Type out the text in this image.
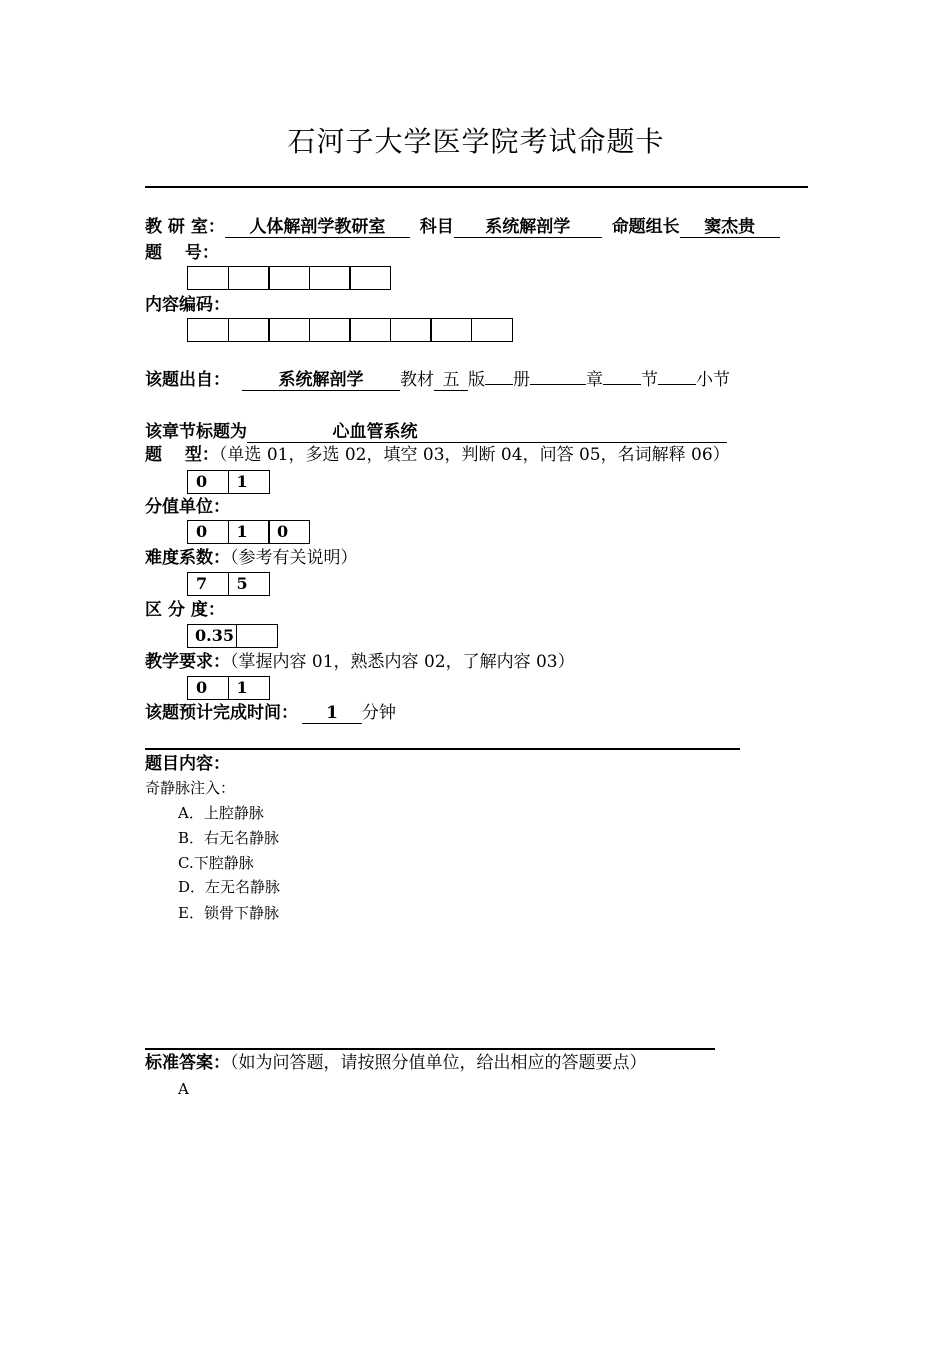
石河子大学医学院考试命题卡
教 研 室： 人体解剖学教研室 科目 系统解剖学 命题组长 窦杰贵
题　 号：
内容编码：
该题出自：	系统解剖学 教材 五 版 册	章 节 小节
该章节标题为	心血管系统
题　 型：（单选 01，多选 02，填空 03，判断 04，问答 05，名词解释 06）
0	1
分值单位：
0	1	0
难度系数：（参考有关说明）
7	5
区 分 度：
0.35
教学要求：（掌握内容 01，熟悉内容 02，了解内容 03）
0	1
该题预计完成时间： 1 分钟
题目内容：
奇静脉注入：
A．上腔静脉
B．右无名静脉
C.下腔静脉
D．左无名静脉
E．锁骨下静脉
标准答案：（如为问答题，请按照分值单位，给出相应的答题要点）
A
